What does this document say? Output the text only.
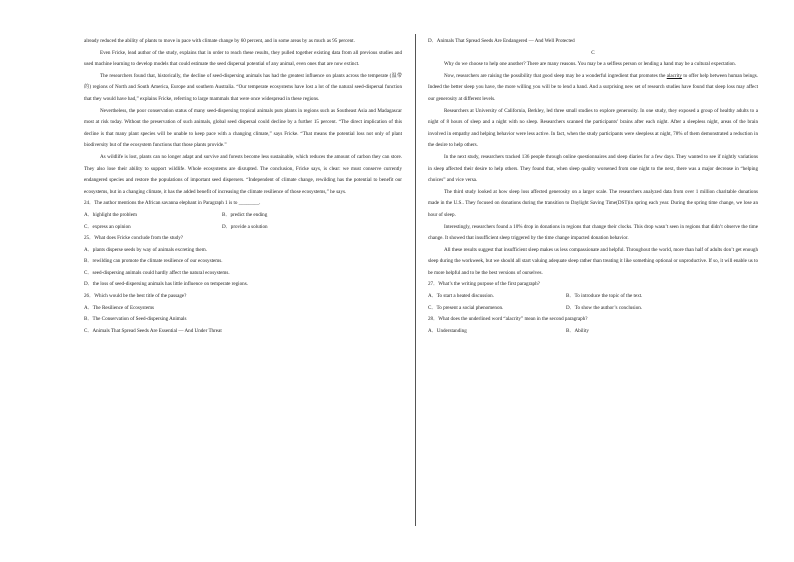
already reduced the ability of plants to move in pace with climate change by 60 percent, and in some areas by as much as 95 percent.

Even Fricke, lead author of the study, explains that in order to reach these results, they pulled together existing data from all previous studies and used machine learning to develop models that could estimate the seed dispersal potential of any animal, even ones that are now extinct.

The researchers found that, historically, the decline of seed-dispersing animals has had the greatest influence on plants across the temperate (温带的) regions of North and South America, Europe and southern Australia. “Our temperate ecosystems have lost a lot of the natural seed-dispersal function that they would have had,” explains Fricke, referring to large mammals that were once widespread in these regions.

Nevertheless, the poor conservation status of many seed-dispersing tropical animals puts plants in regions such as Southeast Asia and Madagascar most at risk today. Without the preservation of such animals, global seed dispersal could decline by a further 15 percent. “The direct implication of this decline is that many plant species will be unable to keep pace with a changing climate,” says Fricke. “That means the potential loss not only of plant biodiversity but of the ecosystem functions that those plants provide.”

As wildlife is lost, plants can no longer adapt and survive and forests become less sustainable, which reduces the amount of carbon they can store. They also lose their ability to support wildlife. Whole ecosystems are disrupted. The conclusion, Fricke says, is clear: we must conserve currently endangered species and restore the populations of important seed dispersers. “Independent of climate change, rewilding has the potential to benefit our ecosystems, but in a changing climate, it has the added benefit of increasing the climate resilience of those ecosystems,” he says.

24．The author mentions the African savanna elephant in Paragraph 1 is to ________.

A．highlight the problem	B．predict the ending
C．express an opinion	D．provide a solution

25．What does Fricke conclude from the study?

A．plants disperse seeds by way of animals excreting them.

B．rewilding can promote the climate resilience of our ecosystems.

C．seed-dispersing animals could hardly affect the natural ecosystems.

D．the loss of seed-dispersing animals has little influence on temperate regions.

26．Which would be the best title of the passage?

A．The Resilience of Ecosystems

B．The Conservation of Seed-dispersing Animals

C．Animals That Spread Seeds Are Essential — And Under Threat

D．Animals That Spread Seeds Are Endangered — And Well Protected

C

Why do we choose to help one another? There are many reasons. You may be a selfless person or lending a hand may be a cultural expectation.

Now, researchers are raising the possibility that good sleep may be a wonderful ingredient that promotes the alacrity to offer help between human beings. Indeed the better sleep you have, the more willing you will be to lend a hand. And a surprising new set of research studies have found that sleep loss may affect our generosity at different levels.

Researchers at University of California, Berkley, led three small studies to explore generosity. In one study, they exposed a group of healthy adults to a night of 8 hours of sleep and a night with no sleep. Researchers scanned the participants’ brains after each night. After a sleepless night, areas of the brain involved in empathy and helping behavior were less active. In fact, when the study participants were sleepless at night, 78% of them demonstrated a reduction in the desire to help others.

In the next study, researchers tracked 136 people through online questionnaires and sleep diaries for a few days. They wanted to see if nightly variations in sleep affected their desire to help others. They found that, when sleep quality worsened from one night to the next, there was a major decrease in “helping choices” and vice versa.

The third study looked at how sleep loss affected generosity on a larger scale. The researchers analyzed data from over 1 million charitable donations made in the U.S.. They focused on donations during the transition to Daylight Saving Time(DST)in spring each year. During the spring time change, we lose an hour of sleep.

Interestingly, researchers found a 10% drop in donations in regions that change their clocks. This drop wasn’t seen in regions that didn’t observe the time change. It showed that insufficient sleep triggered by the time change impacted donation behavior.

All these results suggest that insufficient sleep makes us less compassionate and helpful. Throughout the world, more than half of adults don’t get enough sleep during the workweek, but we should all start valuing adequate sleep rather than treating it like something optional or unproductive. If so, it will enable us to be more helpful and to be the best versions of ourselves.

27．What’s the writing purpose of the first paragraph?

A．To start a heated discussion.	B．To introduce the topic of the text.
C．To present a social phenomenon.	D．To show the author’s conclusion.

28．What does the underlined word “alacrity” mean in the second paragraph?

A．Understanding	B．Ability
